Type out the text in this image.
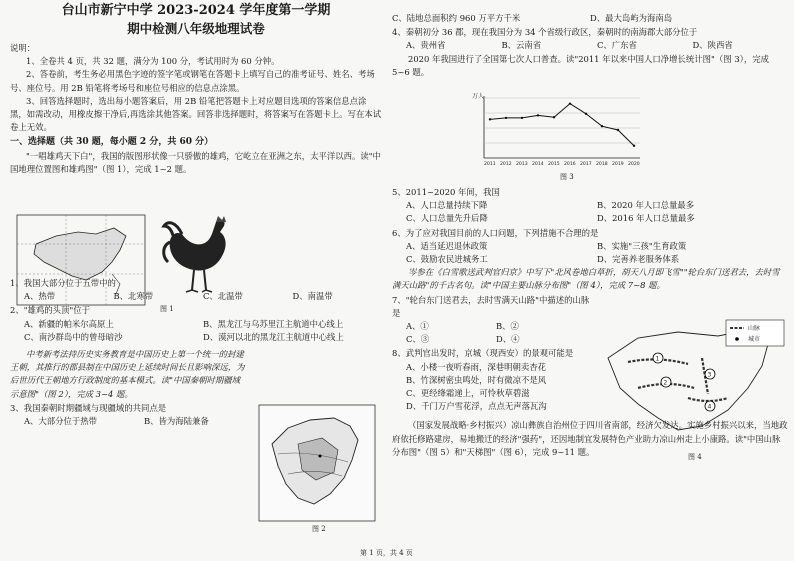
台山市新宁中学 2023-2024 学年度第一学期
期中检测八年级地理试卷

说明：

1、全卷共 4 页，共 32 题，满分为 100 分，考试用时为 60 分钟。

2、答卷前，考生务必用黑色字迹的签字笔或钢笔在答题卡上填写自己的准考证号、姓名、考场号、座位号。用 2B 铅笔将考场号和座位号相应的信息点涂黑。

3、回答选择题时，选出每小题答案后，用 2B 铅笔把答题卡上对应题目选项的答案信息点涂黑，如需改动，用橡皮擦干净后,再选涂其他答案。回答非选择题时，将答案写在答题卡上。写在本试卷上无效。

一、选择题（共 30 题，每小题 2 分，共 60 分）

"一唱雄鸡天下白"，我国的版图形状像一只骄傲的雄鸡，它屹立在亚洲之东，太平洋以西。读"中国地理位置图和雄鸡图"（图 1），完成 1~2 题。

1、我国大部分位于五带中的

A、热带	B、北寒带	C、北温带	D、南温带

2、"雄鸡的头顶"位于

A、新疆的帕米尔高原上	B、黑龙江与乌苏里江主航道中心线上
C、南沙群岛中的曾母暗沙	D、漠河以北的黑龙江主航道中心线上

中考新考法持历史实务教育是中国历史上第一个统一的封建王朝，其推行的郡县制在中国历史上延续时间长且影响深远，为后世历代王朝地方行政制度的基本模式。读"中国秦朝时期疆域示意图"（图 2），完成 3~4 题。

3、我国秦朝时期疆域与现疆域的共同点是

A、大部分位于热带	B、皆为海陆兼备
图 1
图 2
C、陆地总面积约 960 万平方千米	D、最大岛屿为海南岛

4、秦朝初分 36 郡，现在我国分为 34 个省级行政区，秦朝时的南海郡大部分位于

A、贵州省	B、云南省	C、广东省	D、陕西省

2020 年我国进行了全国第七次人口普查。读"2011 年以来中国人口净增长统计图"（图 3），完成 5~6 题。

5、2011~2020 年间，我国

A、人口总量持续下降	B、2020 年人口总量最多
C、人口总量先升后降	D、2016 年人口总量最多

6、为了应对我国目前的人口问题，下列措施不合理的是

A、适当延迟退休政策	B、实施"三孩"生育政策
C、鼓励农民进城务工	D、完善养老服务体系

岑参在《白雪歌送武判官归京》中写下"北风卷地白草折，胡天八月即飞雪""轮台东门送君去，去时雪满天山路"的千古名句。读"中国主要山脉分布图"（图 4），完成 7~8 题。

7、"轮台东门送君去，去时雪满天山路"中描述的山脉

是

A、①	B、②
C、③	D、④

8、武判官出发时，京城（现西安）的景观可能是

A、小楼一夜听春雨，深巷明朝卖杏花

B、竹深树密虫鸣处，时有微凉不是风

C、更经绛霜递上，可怜秋草碧滋

D、千门万户雪花浮，点点无声落瓦沟

（国家发展战略·乡村振兴）凉山彝族自治州位于四川省南部，经济欠发达。实施乡村振兴以来，当地政府依托修路建房，易地搬迁的经济"强药"，还因地制宜发展特色产业助力凉山州走上小康路。读"中国山脉分布图"（图 5）和"天梯图"（图 6），完成 9~11 题。

万人
2011 2012 2013 2014 2015 2016 2017 2018 2019 2020
图 3
1
2
3
4
山脉
城市
图 4
第 1 页，共 4 页
